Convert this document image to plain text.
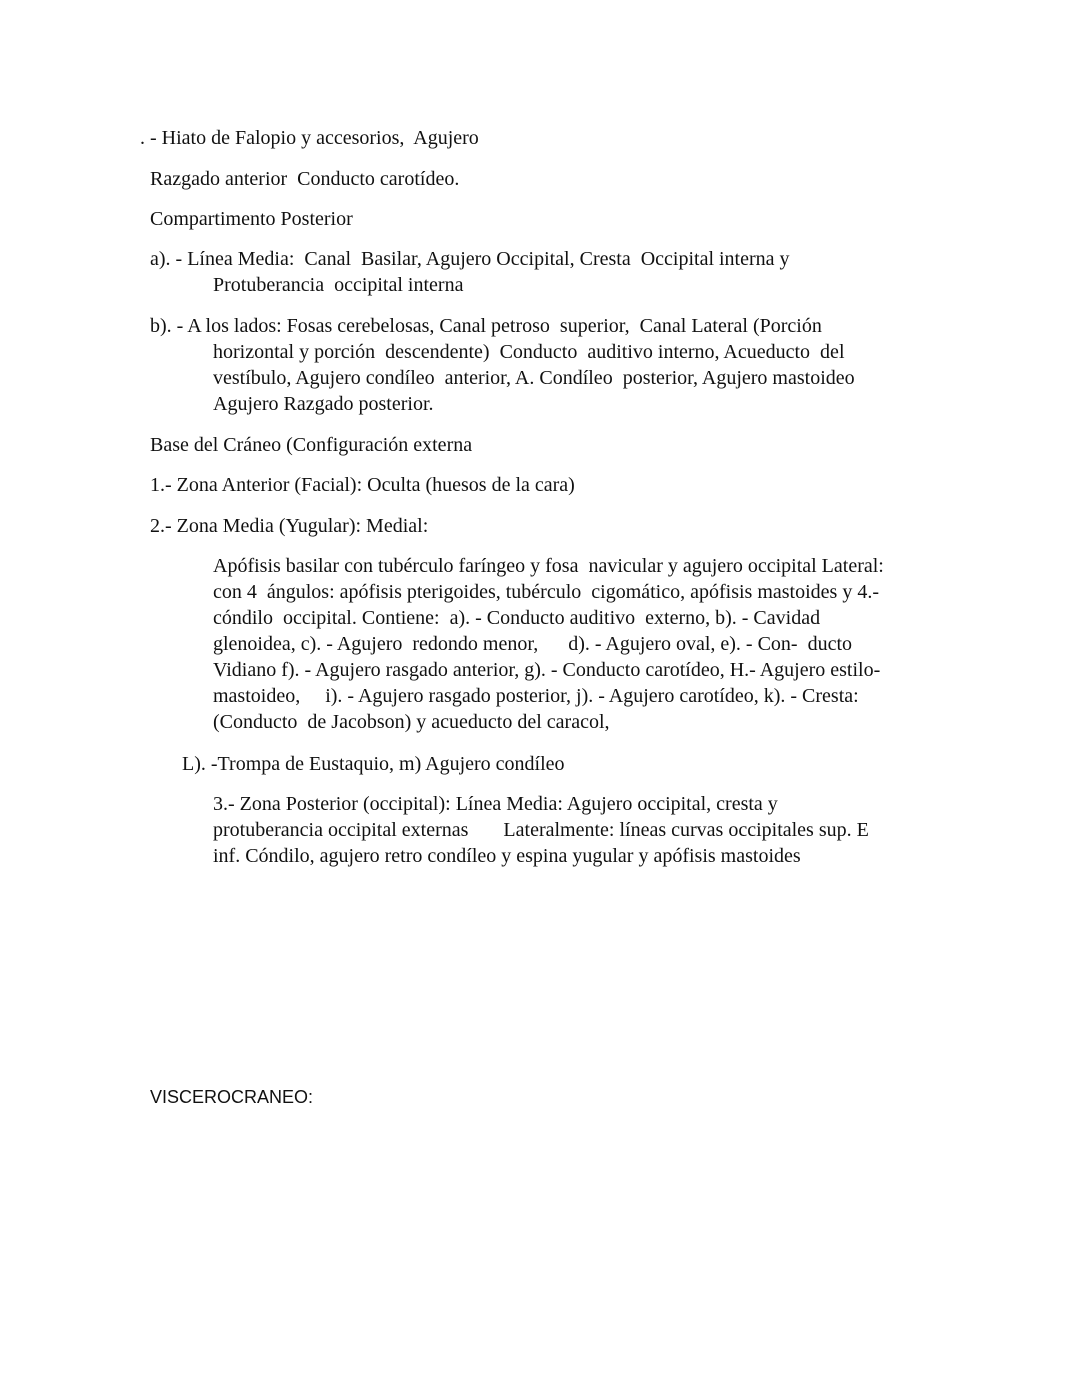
. - Hiato de Falopio y accesorios,  Agujero

Razgado anterior  Conducto carotídeo.

Compartimento Posterior

a). - Línea Media:  Canal  Basilar, Agujero Occipital, Cresta  Occipital interna y

Protuberancia  occipital interna

b). - A los lados: Fosas cerebelosas, Canal petroso  superior,  Canal Lateral (Porción

horizontal y porción  descendente)  Conducto  auditivo interno, Acueducto  del

vestíbulo, Agujero condíleo  anterior, A. Condíleo  posterior, Agujero mastoideo

Agujero Razgado posterior.

Base del Cráneo (Configuración externa

1.- Zona Anterior (Facial): Oculta (huesos de la cara)

2.- Zona Media (Yugular): Medial:

Apófisis basilar con tubérculo faríngeo y fosa  navicular y agujero occipital Lateral:

con 4  ángulos: apófisis pterigoides, tubérculo  cigomático, apófisis mastoides y 4.-

cóndilo  occipital. Contiene:  a). - Conducto auditivo  externo, b). - Cavidad

glenoidea, c). - Agujero  redondo menor,      d). - Agujero oval, e). - Con-  ducto

Vidiano f). - Agujero rasgado anterior, g). - Conducto carotídeo, H.- Agujero estilo-

mastoideo,     i). - Agujero rasgado posterior, j). - Agujero carotídeo, k). - Cresta:

(Conducto  de Jacobson) y acueducto del caracol,

L). -Trompa de Eustaquio, m) Agujero condíleo

3.- Zona Posterior (occipital): Línea Media: Agujero occipital, cresta y

protuberancia occipital externas       Lateralmente: líneas curvas occipitales sup. E

inf. Cóndilo, agujero retro condíleo y espina yugular y apófisis mastoides

VISCEROCRANEO:
